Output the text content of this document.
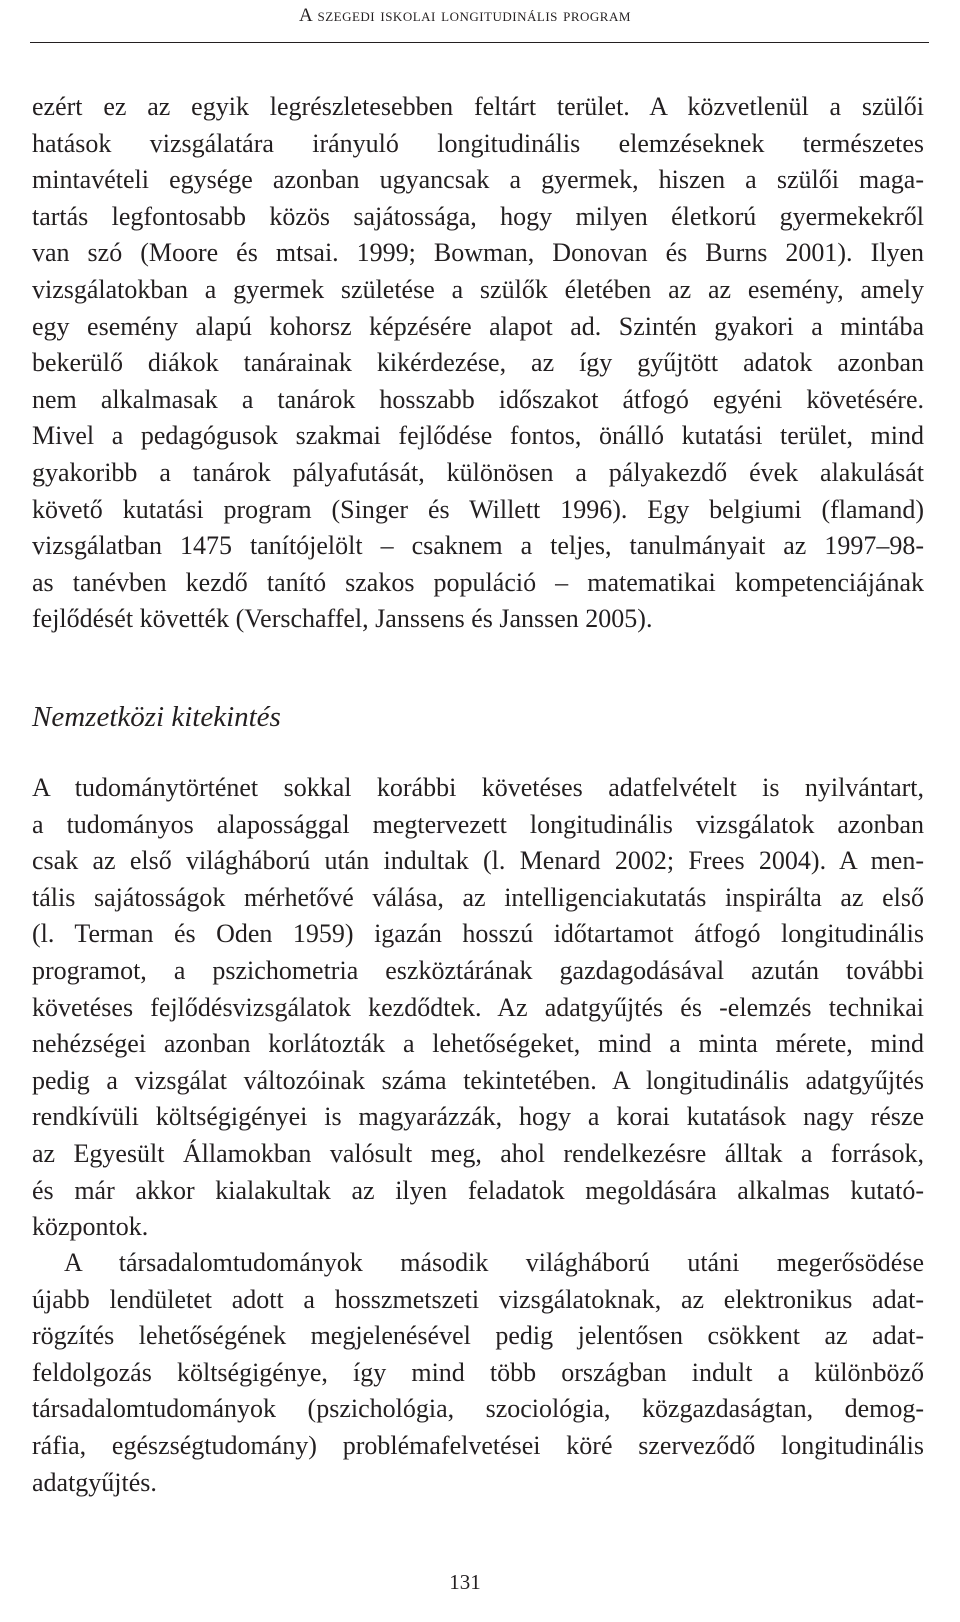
A szegedi iskolai longitudinális program
ezért ez az egyik legrészletesebben feltárt terület. A közvetlenül a szülői
hatások vizsgálatára irányuló longitudinális elemzéseknek természetes
mintavételi egysége azonban ugyancsak a gyermek, hiszen a szülői maga-
tartás legfontosabb közös sajátossága, hogy milyen életkorú gyermekekről
van szó (Moore és mtsai. 1999; Bowman, Donovan és Burns 2001). Ilyen
vizsgálatokban a gyermek születése a szülők életében az az esemény, amely
egy esemény alapú kohorsz képzésére alapot ad. Szintén gyakori a mintába
bekerülő diákok tanárainak kikérdezése, az így gyűjtött adatok azonban
nem alkalmasak a tanárok hosszabb időszakot átfogó egyéni követésére.
Mivel a pedagógusok szakmai fejlődése fontos, önálló kutatási terület, mind
gyakoribb a tanárok pályafutását, különösen a pályakezdő évek alakulását
követő kutatási program (Singer és Willett 1996). Egy belgiumi (flamand)
vizsgálatban 1475 tanítójelölt – csaknem a teljes, tanulmányait az 1997–98-
as tanévben kezdő tanító szakos populáció – matematikai kompetenciájának
fejlődését követték (Verschaffel, Janssens és Janssen 2005).
Nemzetközi kitekintés
A tudománytörténet sokkal korábbi követéses adatfelvételt is nyilvántart,
a tudományos alapossággal megtervezett longitudinális vizsgálatok azonban
csak az első világháború után indultak (l. Menard 2002; Frees 2004). A men-
tális sajátosságok mérhetővé válása, az intelligenciakutatás inspirálta az első
(l. Terman és Oden 1959) igazán hosszú időtartamot átfogó longitudinális
programot, a pszichometria eszköztárának gazdagodásával azután további
követéses fejlődésvizsgálatok kezdődtek. Az adatgyűjtés és -elemzés technikai
nehézségei azonban korlátozták a lehetőségeket, mind a minta mérete, mind
pedig a vizsgálat változóinak száma tekintetében. A longitudinális adatgyűjtés
rendkívüli költségigényei is magyarázzák, hogy a korai kutatások nagy része
az Egyesült Államokban valósult meg, ahol rendelkezésre álltak a források,
és már akkor kialakultak az ilyen feladatok megoldására alkalmas kutató-
központok.
A társadalomtudományok második világháború utáni megerősödése
újabb lendületet adott a hosszmetszeti vizsgálatoknak, az elektronikus adat-
rögzítés lehetőségének megjelenésével pedig jelentősen csökkent az adat-
feldolgozás költségigénye, így mind több országban indult a különböző
társadalomtudományok (pszichológia, szociológia, közgazdaságtan, demog-
ráfia, egészségtudomány) problémafelvetései köré szerveződő longitudinális
adatgyűjtés.
131
